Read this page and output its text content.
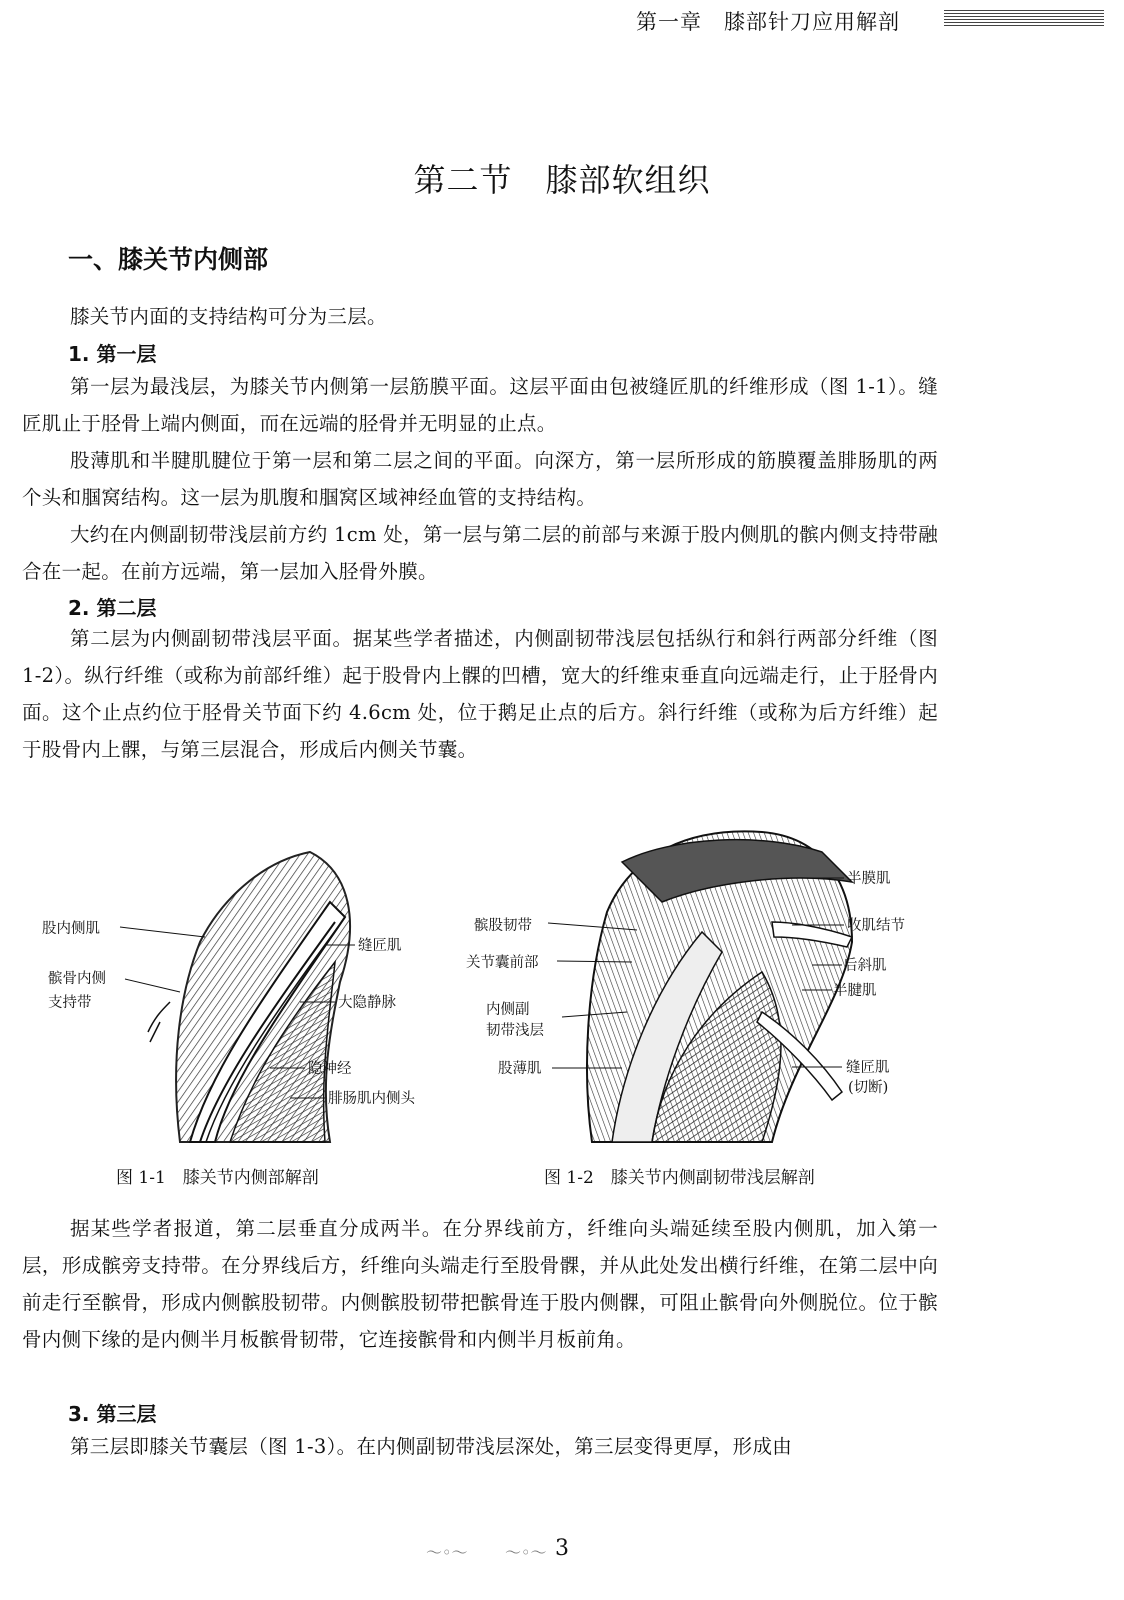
第一章　膝部针刀应用解剖
第二节　膝部软组织
一、膝关节内侧部

膝关节内面的支持结构可分为三层。

1. 第一层

第一层为最浅层，为膝关节内侧第一层筋膜平面。这层平面由包被缝匠肌的纤维形成（图 1-1）。缝匠肌止于胫骨上端内侧面，而在远端的胫骨并无明显的止点。

股薄肌和半腱肌腱位于第一层和第二层之间的平面。向深方，第一层所形成的筋膜覆盖腓肠肌的两个头和腘窝结构。这一层为肌腹和腘窝区域神经血管的支持结构。

大约在内侧副韧带浅层前方约 1cm 处，第一层与第二层的前部与来源于股内侧肌的髌内侧支持带融合在一起。在前方远端，第一层加入胫骨外膜。

2. 第二层

第二层为内侧副韧带浅层平面。据某些学者描述，内侧副韧带浅层包括纵行和斜行两部分纤维（图 1-2）。纵行纤维（或称为前部纤维）起于股骨内上髁的凹槽，宽大的纤维束垂直向远端走行，止于胫骨内面。这个止点约位于胫骨关节面下约 4.6cm 处，位于鹅足止点的后方。斜行纤维（或称为后方纤维）起于股骨内上髁，与第三层混合，形成后内侧关节囊。

股内侧肌
髌骨内侧
支持带
缝匠肌
大隐静脉
隐神经
腓肠肌内侧头
图 1-1　膝关节内侧部解剖
髌股韧带
关节囊前部
内侧副
韧带浅层
股薄肌
半膜肌
收肌结节
后斜肌
半腱肌
缝匠肌
(切断)
图 1-2　膝关节内侧副韧带浅层解剖

据某些学者报道，第二层垂直分成两半。在分界线前方，纤维向头端延续至股内侧肌，加入第一层，形成髌旁支持带。在分界线后方，纤维向头端走行至股骨髁，并从此处发出横行纤维，在第二层中向前走行至髌骨，形成内侧髌股韧带。内侧髌股韧带把髌骨连于股内侧髁，可阻止髌骨向外侧脱位。位于髌骨内侧下缘的是内侧半月板髌骨韧带，它连接髌骨和内侧半月板前角。

3. 第三层

第三层即膝关节囊层（图 1-3）。在内侧副韧带浅层深处，第三层变得更厚，形成由

〜◦〜	3
〜◦〜
